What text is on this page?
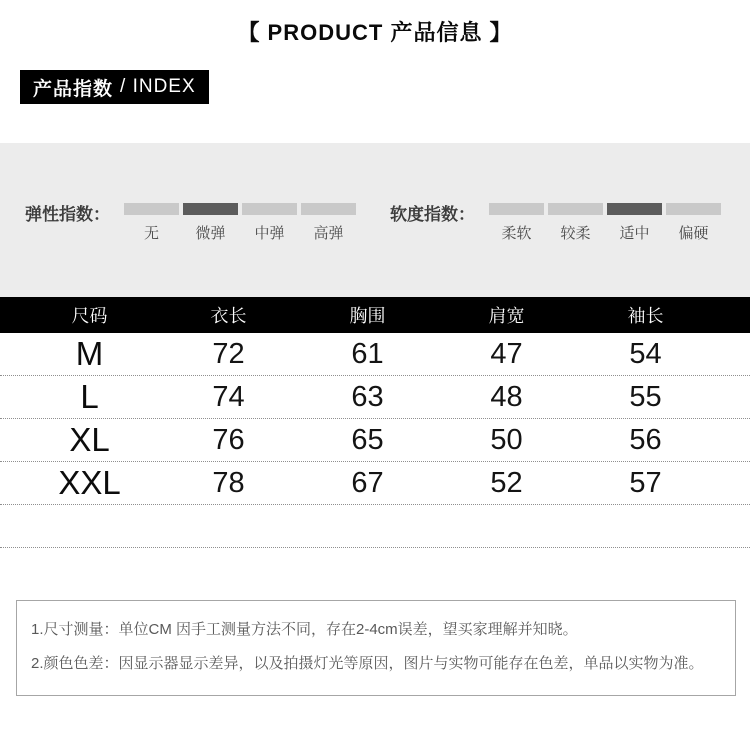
【 PRODUCT 产品信息 】
产品指数 / INDEX
弹性指数：
无 微弹 中弹 高弹
软度指数：
柔软 较柔 适中 偏硬
尺码	衣长	胸围	肩宽	袖长
M	72	61	47	54
L	74	63	48	55
XL	76	65	50	56
XXL	78	67	52	57
1.尺寸测量：单位CM 因手工测量方法不同，存在2-4cm误差，望买家理解并知晓。
2.颜色色差：因显示器显示差异，以及拍摄灯光等原因，图片与实物可能存在色差，单品以实物为准。
